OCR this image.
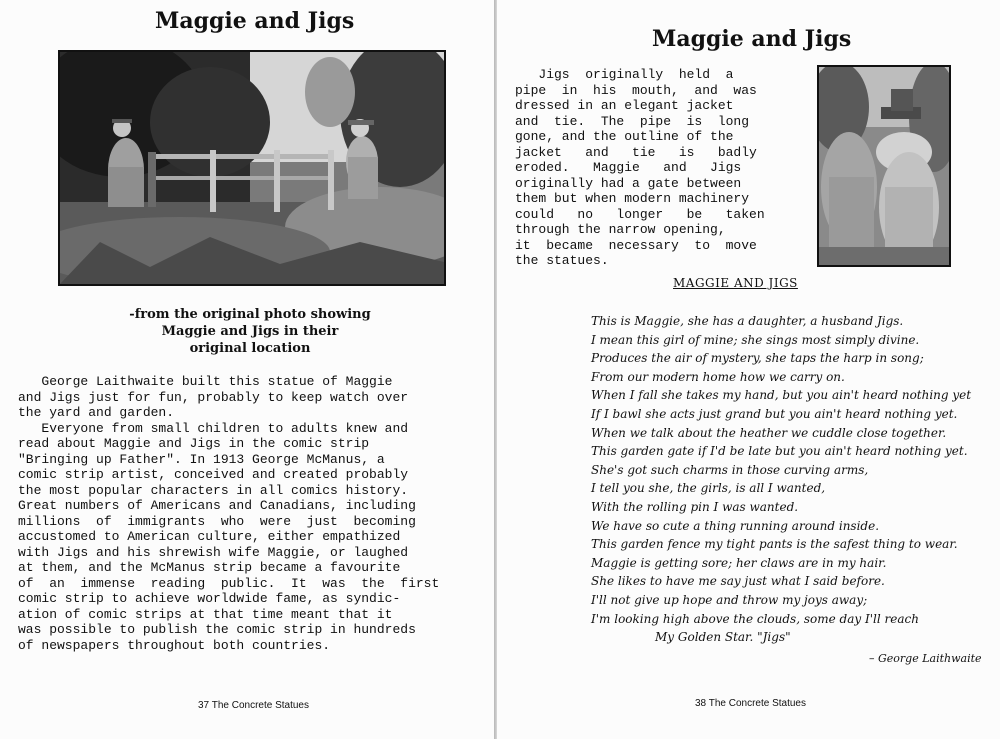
Maggie and Jigs
-from the original photo showing
Maggie and Jigs in their
original location
George Laithwaite built this statue of Maggie
and Jigs just for fun, probably to keep watch over
the yard and garden.
Everyone from small children to adults knew and
read about Maggie and Jigs in the comic strip
"Bringing up Father". In 1913 George McManus, a
comic strip artist, conceived and created probably
the most popular characters in all comics history.
Great numbers of Americans and Canadians, including
millions  of  immigrants  who  were  just  becoming
accustomed to American culture, either empathized
with Jigs and his shrewish wife Maggie, or laughed
at them, and the McManus strip became a favourite
of  an  immense  reading  public.  It  was  the  first
comic strip to achieve worldwide fame, as syndic-
ation of comic strips at that time meant that it
was possible to publish the comic strip in hundreds
of newspapers throughout both countries.
37 The Concrete Statues
Maggie and Jigs
Jigs  originally  held  a
pipe  in  his  mouth,  and  was
dressed in an elegant jacket
and  tie.  The  pipe  is  long
gone, and the outline of the
jacket   and   tie   is   badly
eroded.   Maggie   and   Jigs
originally had a gate between
them but when modern machinery
could   no   longer   be   taken
through the narrow opening,
it  became  necessary  to  move
the statues.
MAGGIE AND JIGS
This is Maggie, she has a daughter, a husband Jigs.
I mean this girl of mine; she sings most simply divine.
Produces the air of mystery, she taps the harp in song;
From our modern home how we carry on.
When I fall she takes my hand, but you ain't heard nothing yet
If I bawl she acts just grand but you ain't heard nothing yet.
When we talk about the heather we cuddle close together.
This garden gate if I'd be late but you ain't heard nothing yet.
She's got such charms in those curving arms,
I tell you she, the girls, is all I wanted,
With the rolling pin I was wanted.
We have so cute a thing running around inside.
This garden fence my tight pants is the safest thing to wear.
Maggie is getting sore; her claws are in my hair.
She likes to have me say just what I said before.
I'll not give up hope and throw my joys away;
I'm looking high above the clouds, some day I'll reach
My Golden Star. "Jigs"
– George Laithwaite
38 The Concrete Statues
